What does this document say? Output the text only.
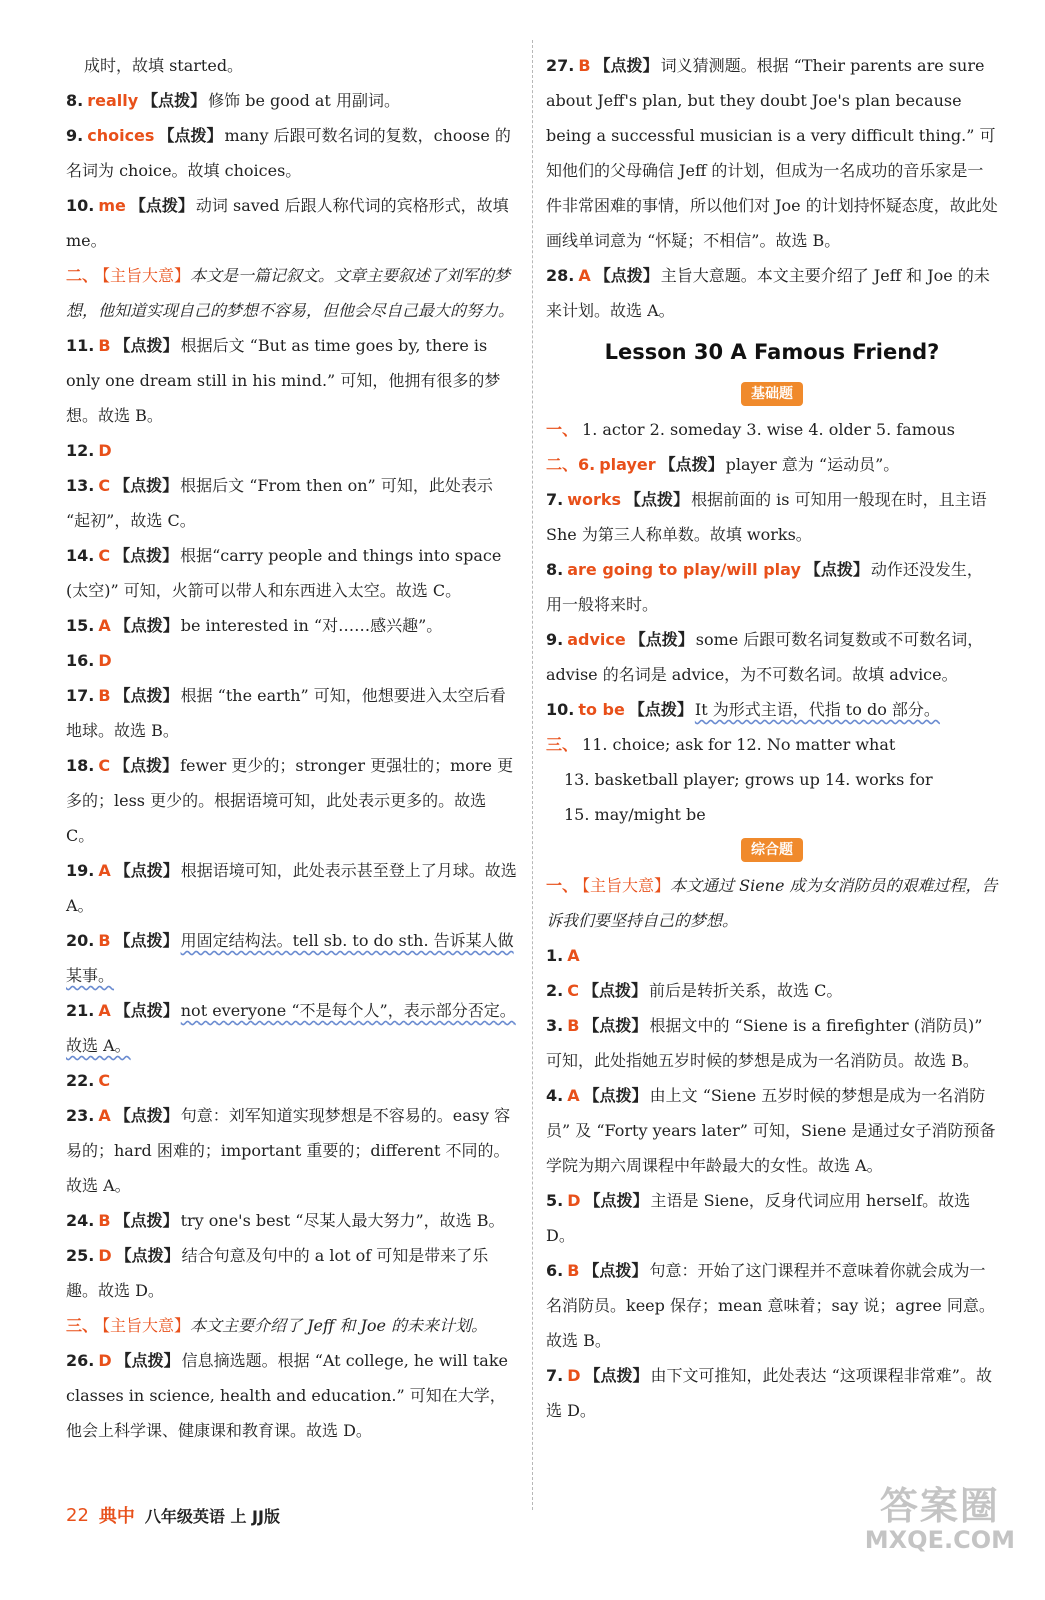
成时，故填 started。

8. really 【点拨】 修饰 be good at 用副词。

9. choices 【点拨】 many 后跟可数名词的复数，choose 的名词为 choice。故填 choices。

10. me 【点拨】 动词 saved 后跟人称代词的宾格形式，故填 me。

二、 【主旨大意】本文是一篇记叙文。文章主要叙述了刘军的梦想，他知道实现自己的梦想不容易，但他会尽自己最大的努力。

11. B 【点拨】 根据后文 “But as time goes by, there is only one dream still in his mind.” 可知，他拥有很多的梦想。故选 B。

12. D

13. C 【点拨】 根据后文 “From then on” 可知，此处表示 “起初”，故选 C。

14. C 【点拨】 根据“carry people and things into space (太空)” 可知，火箭可以带人和东西进入太空。故选 C。

15. A 【点拨】 be interested in “对……感兴趣”。

16. D

17. B 【点拨】 根据 “the earth” 可知，他想要进入太空后看地球。故选 B。

18. C 【点拨】 fewer 更少的；stronger 更强壮的；more 更多的；less 更少的。根据语境可知，此处表示更多的。故选 C。

19. A 【点拨】 根据语境可知，此处表示甚至登上了月球。故选 A。

20. B 【点拨】 用固定结构法。tell sb. to do sth. 告诉某人做某事。

21. A 【点拨】 not everyone “不是每个人”，表示部分否定。故选 A。

22. C

23. A 【点拨】 句意：刘军知道实现梦想是不容易的。easy 容易的；hard 困难的；important 重要的；different 不同的。故选 A。

24. B 【点拨】 try one's best “尽某人最大努力”，故选 B。

25. D 【点拨】 结合句意及句中的 a lot of 可知是带来了乐趣。故选 D。

三、 【主旨大意】本文主要介绍了 Jeff 和 Joe 的未来计划。

26. D 【点拨】 信息摘选题。根据 “At college, he will take classes in science, health and education.” 可知在大学，他会上科学课、健康课和教育课。故选 D。

27. B 【点拨】 词义猜测题。根据 “Their parents are sure about Jeff's plan, but they doubt Joe's plan because being a successful musician is a very difficult thing.” 可知他们的父母确信 Jeff 的计划，但成为一名成功的音乐家是一件非常困难的事情，所以他们对 Joe 的计划持怀疑态度，故此处画线单词意为 “怀疑；不相信”。故选 B。

28. A 【点拨】 主旨大意题。本文主要介绍了 Jeff 和 Joe 的未来计划。故选 A。

Lesson 30 A Famous Friend?
基础题

一、 1. actor 2. someday 3. wise 4. older 5. famous

二、6. player 【点拨】 player 意为 “运动员”。

7. works 【点拨】 根据前面的 is 可知用一般现在时，且主语 She 为第三人称单数。故填 works。

8. are going to play/will play 【点拨】 动作还没发生，用一般将来时。

9. advice 【点拨】 some 后跟可数名词复数或不可数名词，advise 的名词是 advice，为不可数名词。故填 advice。

10. to be 【点拨】 It 为形式主语，代指 to do 部分。

三、 11. choice; ask for 12. No matter what

13. basketball player; grows up 14. works for

15. may/might be

综合题

一、 【主旨大意】本文通过 Siene 成为女消防员的艰难过程，告诉我们要坚持自己的梦想。

1. A

2. C 【点拨】 前后是转折关系，故选 C。

3. B 【点拨】 根据文中的 “Siene is a firefighter (消防员)” 可知，此处指她五岁时候的梦想是成为一名消防员。故选 B。

4. A 【点拨】 由上文 “Siene 五岁时候的梦想是成为一名消防员” 及 “Forty years later” 可知，Siene 是通过女子消防预备学院为期六周课程中年龄最大的女性。故选 A。

5. D 【点拨】 主语是 Siene，反身代词应用 herself。故选 D。

6. B 【点拨】 句意：开始了这门课程并不意味着你就会成为一名消防员。keep 保存；mean 意味着；say 说；agree 同意。故选 B。

7. D 【点拨】 由下文可推知，此处表达 “这项课程非常难”。故选 D。

22 典中 八年级英语 上 JJ版	答案圈
MXQE.COM
